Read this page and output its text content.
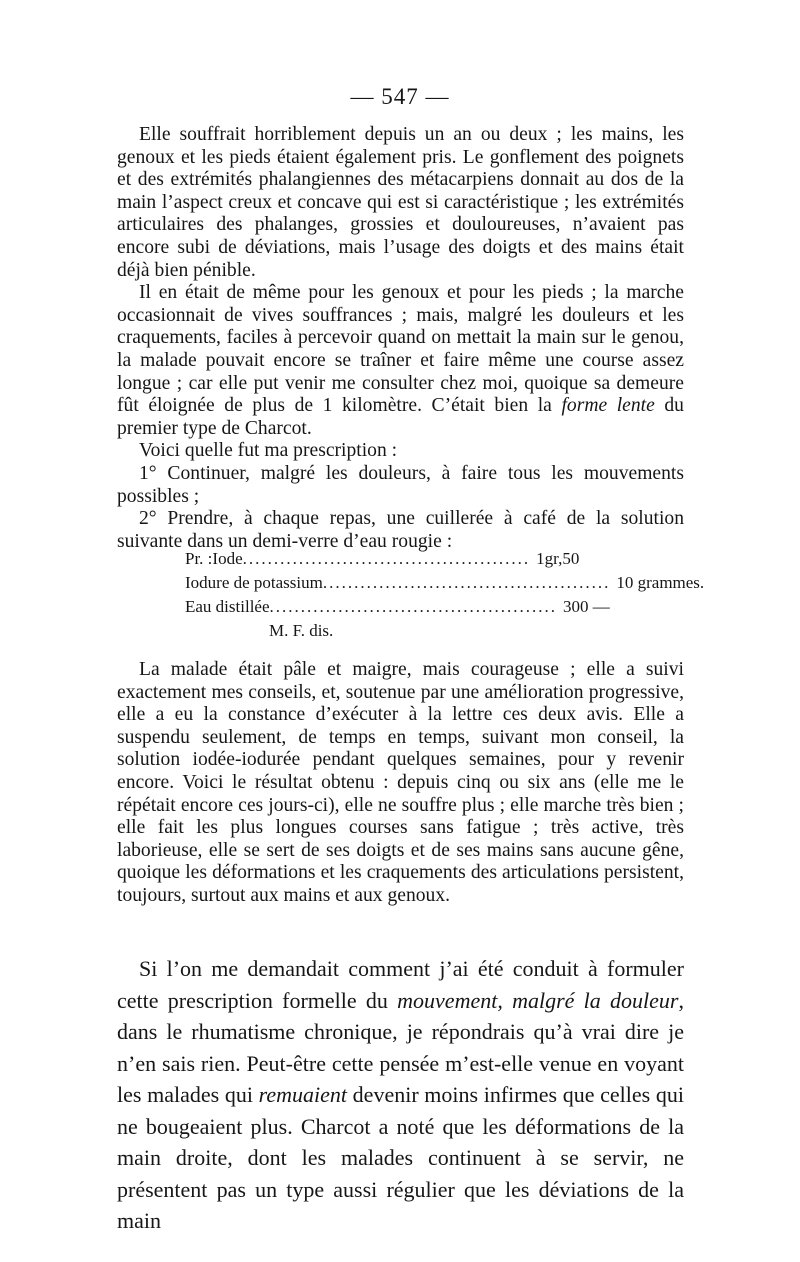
— 547 —

Elle souffrait horriblement depuis un an ou deux ; les mains, les genoux et les pieds étaient également pris. Le gonflement des poignets et des extrémités phalangiennes des métacarpiens donnait au dos de la main l’aspect creux et concave qui est si caractéristique ; les extrémités articulaires des phalanges, grossies et douloureuses, n’avaient pas encore subi de déviations, mais l’usage des doigts et des mains était déjà bien pénible.

Il en était de même pour les genoux et pour les pieds ; la marche occasionnait de vives souffrances ; mais, malgré les douleurs et les craquements, faciles à percevoir quand on mettait la main sur le genou, la malade pouvait encore se traîner et faire même une course assez longue ; car elle put venir me consulter chez moi, quoique sa demeure fût éloignée de plus de 1 kilomètre. C’était bien la forme lente du premier type de Charcot.

Voici quelle fut ma prescription :

1° Continuer, malgré les douleurs, à faire tous les mouvements possibles ;

2° Prendre, à chaque repas, une cuillerée à café de la solution suivante dans un demi-verre d’eau rougie :

Pr. : Iode .............................................. 1gr,50
Iodure de potassium .............................................. 10 grammes.
Eau distillée .............................................. 300 —
M. F. dis.

La malade était pâle et maigre, mais courageuse ; elle a suivi exactement mes conseils, et, soutenue par une amélioration progressive, elle a eu la constance d’exécuter à la lettre ces deux avis. Elle a suspendu seulement, de temps en temps, suivant mon conseil, la solution iodée-iodurée pendant quelques semaines, pour y revenir encore. Voici le résultat obtenu : depuis cinq ou six ans (elle me le répétait encore ces jours-ci), elle ne souffre plus ; elle marche très bien ; elle fait les plus longues courses sans fatigue ; très active, très laborieuse, elle se sert de ses doigts et de ses mains sans aucune gêne, quoique les déformations et les craquements des articulations persistent, toujours, surtout aux mains et aux genoux.

Si l’on me demandait comment j’ai été conduit à formuler cette prescription formelle du mouvement, malgré la douleur, dans le rhumatisme chronique, je répondrais qu’à vrai dire je n’en sais rien. Peut-être cette pensée m’est-elle venue en voyant les malades qui remuaient devenir moins infirmes que celles qui ne bougeaient plus. Charcot a noté que les déformations de la main droite, dont les malades continuent à se servir, ne présentent pas un type aussi régulier que les déviations de la main
